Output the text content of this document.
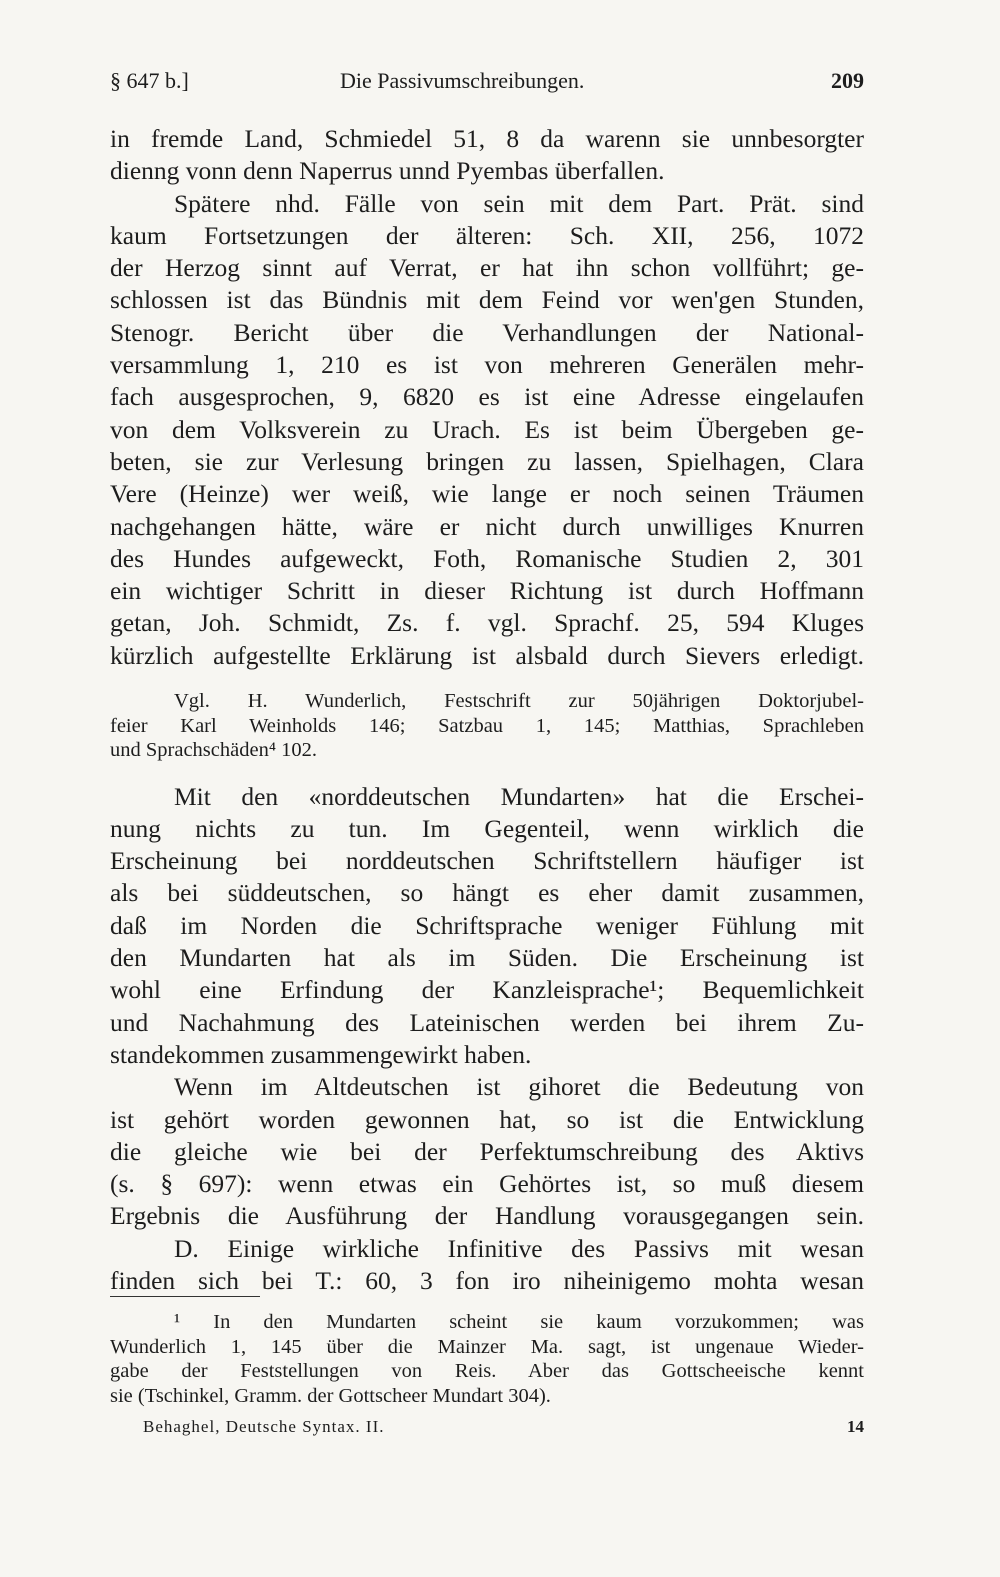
§ 647 b.]	Die Passivumschreibungen.	209
in fremde Land, Schmiedel 51, 8 da warenn sie unnbesorgter
dienng vonn denn Naperrus unnd Pyembas überfallen.
Spätere nhd. Fälle von sein mit dem Part. Prät. sind
kaum Fortsetzungen der älteren: Sch. XII, 256, 1072
der Herzog sinnt auf Verrat, er hat ihn schon vollführt; ge-
schlossen ist das Bündnis mit dem Feind vor wen'gen Stunden,
Stenogr. Bericht über die Verhandlungen der National-
versammlung 1, 210 es ist von mehreren Generälen mehr-
fach ausgesprochen, 9, 6820 es ist eine Adresse eingelaufen
von dem Volksverein zu Urach. Es ist beim Übergeben ge-
beten, sie zur Verlesung bringen zu lassen, Spielhagen, Clara
Vere (Heinze) wer weiß, wie lange er noch seinen Träumen
nachgehangen hätte, wäre er nicht durch unwilliges Knurren
des Hundes aufgeweckt, Foth, Romanische Studien 2, 301
ein wichtiger Schritt in dieser Richtung ist durch Hoffmann
getan, Joh. Schmidt, Zs. f. vgl. Sprachf. 25, 594 Kluges
kürzlich aufgestellte Erklärung ist alsbald durch Sievers erledigt.
Vgl. H. Wunderlich, Festschrift zur 50jährigen Doktorjubel-
feier Karl Weinholds 146; Satzbau 1, 145; Matthias, Sprachleben
und Sprachschäden⁴ 102.
Mit den «norddeutschen Mundarten» hat die Erschei-
nung nichts zu tun. Im Gegenteil, wenn wirklich die
Erscheinung bei norddeutschen Schriftstellern häufiger ist
als bei süddeutschen, so hängt es eher damit zusammen,
daß im Norden die Schriftsprache weniger Fühlung mit
den Mundarten hat als im Süden. Die Erscheinung ist
wohl eine Erfindung der Kanzleisprache¹; Bequemlichkeit
und Nachahmung des Lateinischen werden bei ihrem Zu-
standekommen zusammengewirkt haben.
Wenn im Altdeutschen ist gihoret die Bedeutung von
ist gehört worden gewonnen hat, so ist die Entwicklung
die gleiche wie bei der Perfektumschreibung des Aktivs
(s. § 697): wenn etwas ein Gehörtes ist, so muß diesem
Ergebnis die Ausführung der Handlung vorausgegangen sein.
D. Einige wirkliche Infinitive des Passivs mit wesan
finden sich bei T.: 60, 3 fon iro niheinigemo mohta wesan
¹ In den Mundarten scheint sie kaum vorzukommen; was
Wunderlich 1, 145 über die Mainzer Ma. sagt, ist ungenaue Wieder-
gabe der Feststellungen von Reis. Aber das Gottscheeische kennt
sie (Tschinkel, Gramm. der Gottscheer Mundart 304).
Behaghel, Deutsche Syntax. II.	14
